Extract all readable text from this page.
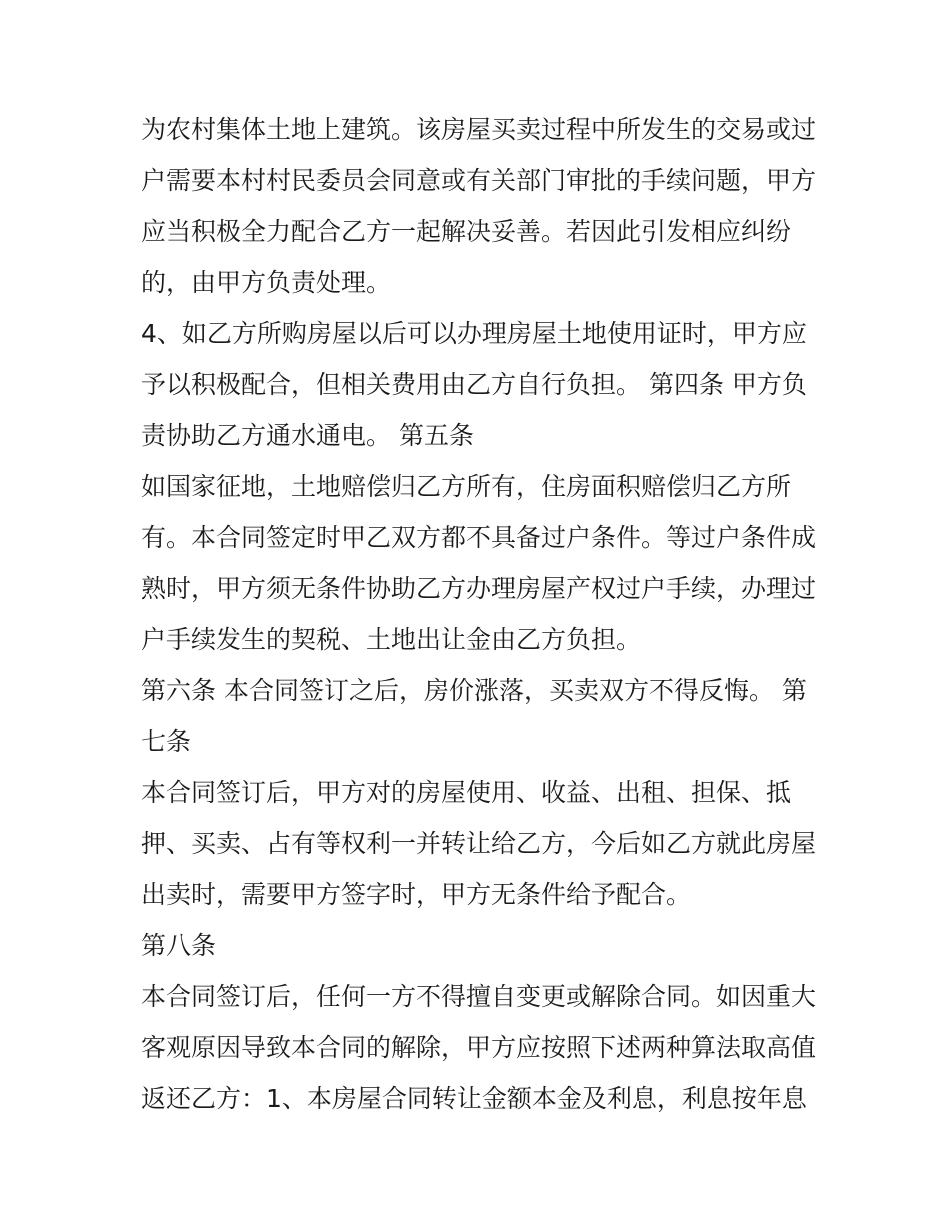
为农村集体土地上建筑。该房屋买卖过程中所发生的交易或过
户需要本村村民委员会同意或有关部门审批的手续问题，甲方
应当积极全力配合乙方一起解决妥善。若因此引发相应纠纷
的，由甲方负责处理。
4、如乙方所购房屋以后可以办理房屋土地使用证时，甲方应
予以积极配合，但相关费用由乙方自行负担。 第四条 甲方负
责协助乙方通水通电。 第五条
如国家征地，土地赔偿归乙方所有，住房面积赔偿归乙方所
有。本合同签定时甲乙双方都不具备过户条件。等过户条件成
熟时，甲方须无条件协助乙方办理房屋产权过户手续，办理过
户手续发生的契税、土地出让金由乙方负担。
第六条 本合同签订之后，房价涨落，买卖双方不得反悔。 第
七条
本合同签订后，甲方对的房屋使用、收益、出租、担保、抵
押、买卖、占有等权利一并转让给乙方，今后如乙方就此房屋
出卖时，需要甲方签字时，甲方无条件给予配合。
第八条
本合同签订后，任何一方不得擅自变更或解除合同。如因重大
客观原因导致本合同的解除，甲方应按照下述两种算法取高值
返还乙方：1、本房屋合同转让金额本金及利息，利息按年息
